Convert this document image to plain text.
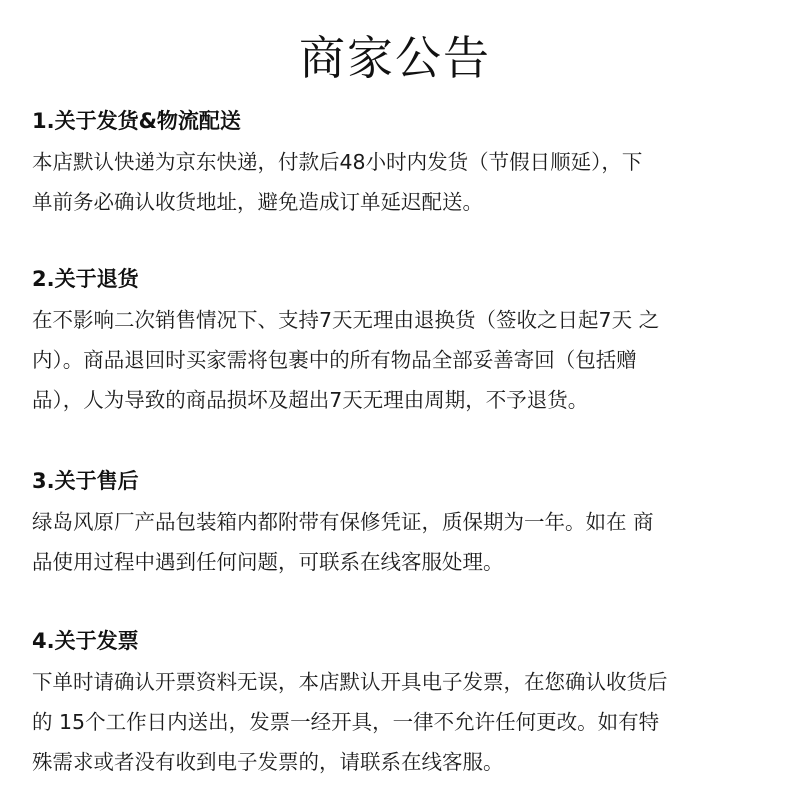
商家公告
1.关于发货&物流配送

本店默认快递为京东快递，付款后48小时内发货（节假日顺延），下
单前务必确认收货地址，避免造成订单延迟配送。

2.关于退货

在不影响二次销售情况下、支持7天无理由退换货（签收之日起7天 之
内）。商品退回时买家需将包裹中的所有物品全部妥善寄回（包括赠
品），人为导致的商品损坏及超出7天无理由周期，不予退货。

3.关于售后

绿岛风原厂产品包装箱内都附带有保修凭证，质保期为一年。如在 商
品使用过程中遇到任何问题，可联系在线客服处理。

4.关于发票

下单时请确认开票资料无误，本店默认开具电子发票，在您确认收货后
的 15个工作日内送出，发票一经开具，一律不允许任何更改。如有特
殊需求或者没有收到电子发票的，请联系在线客服。
